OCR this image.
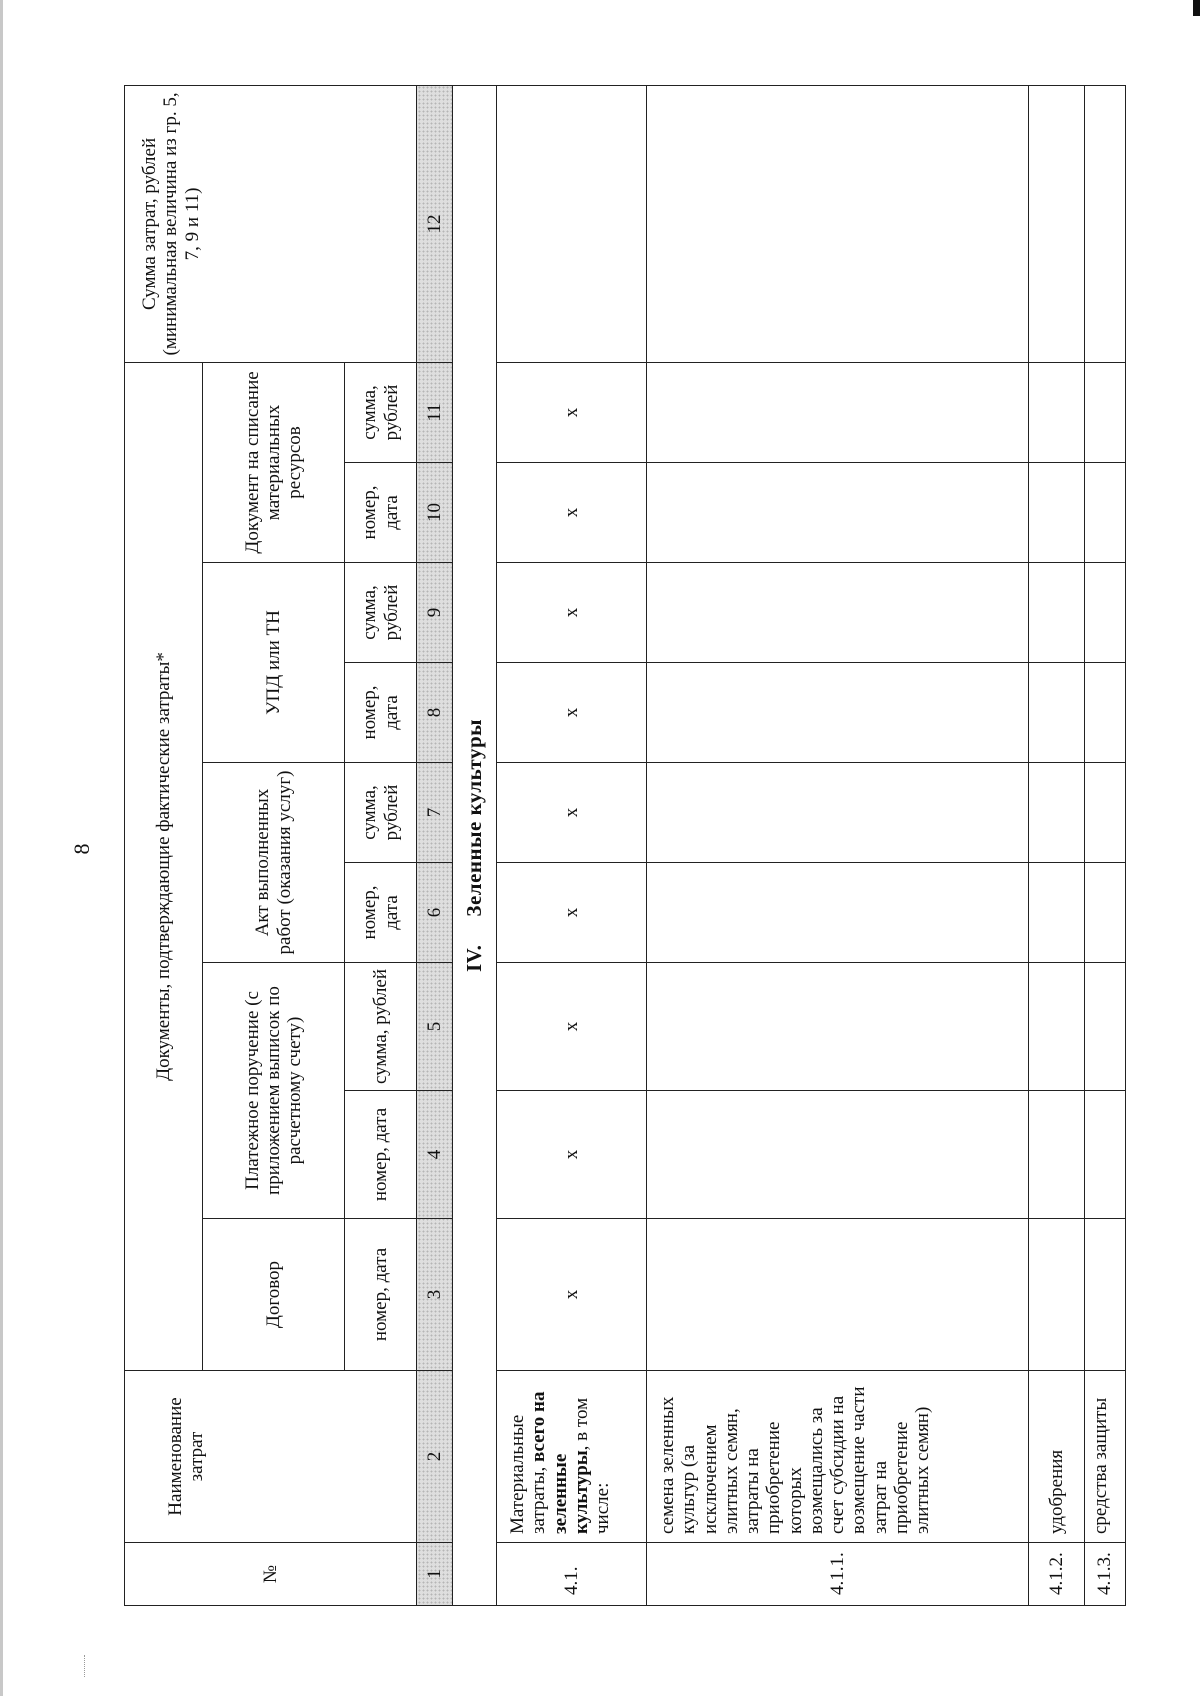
8
№	Наименование затрат	Документы, подтверждающие фактические затраты*									Сумма затрат, рублей (минимальная величина из гр. 5, 7, 9 и 11)
		Договор	Платежное поручение (с приложением выписок по расчетному счету)		Акт выполненных работ (оказания услуг)		УПД или ТН		Документ на списание материальных ресурсов		
		номер, дата	номер, дата	сумма, рублей	номер, дата	сумма, рублей	номер, дата	сумма, рублей	номер, дата	сумма, рублей	
1	2	3	4	5	6	7	8	9	10	11	12
IV.Зеленные культуры											
4.1.	Материальные затраты, всего на зеленные культуры, в том числе:	x	x	x	x	x	x	x	x	x	
4.1.1.	семена зеленных культур (за исключением элитных семян, затраты на приобретение которых возмещались за счет субсидии на возмещение части затрат на приобретение элитных семян)										
4.1.2.	удобрения										
4.1.3.	средства защиты										
